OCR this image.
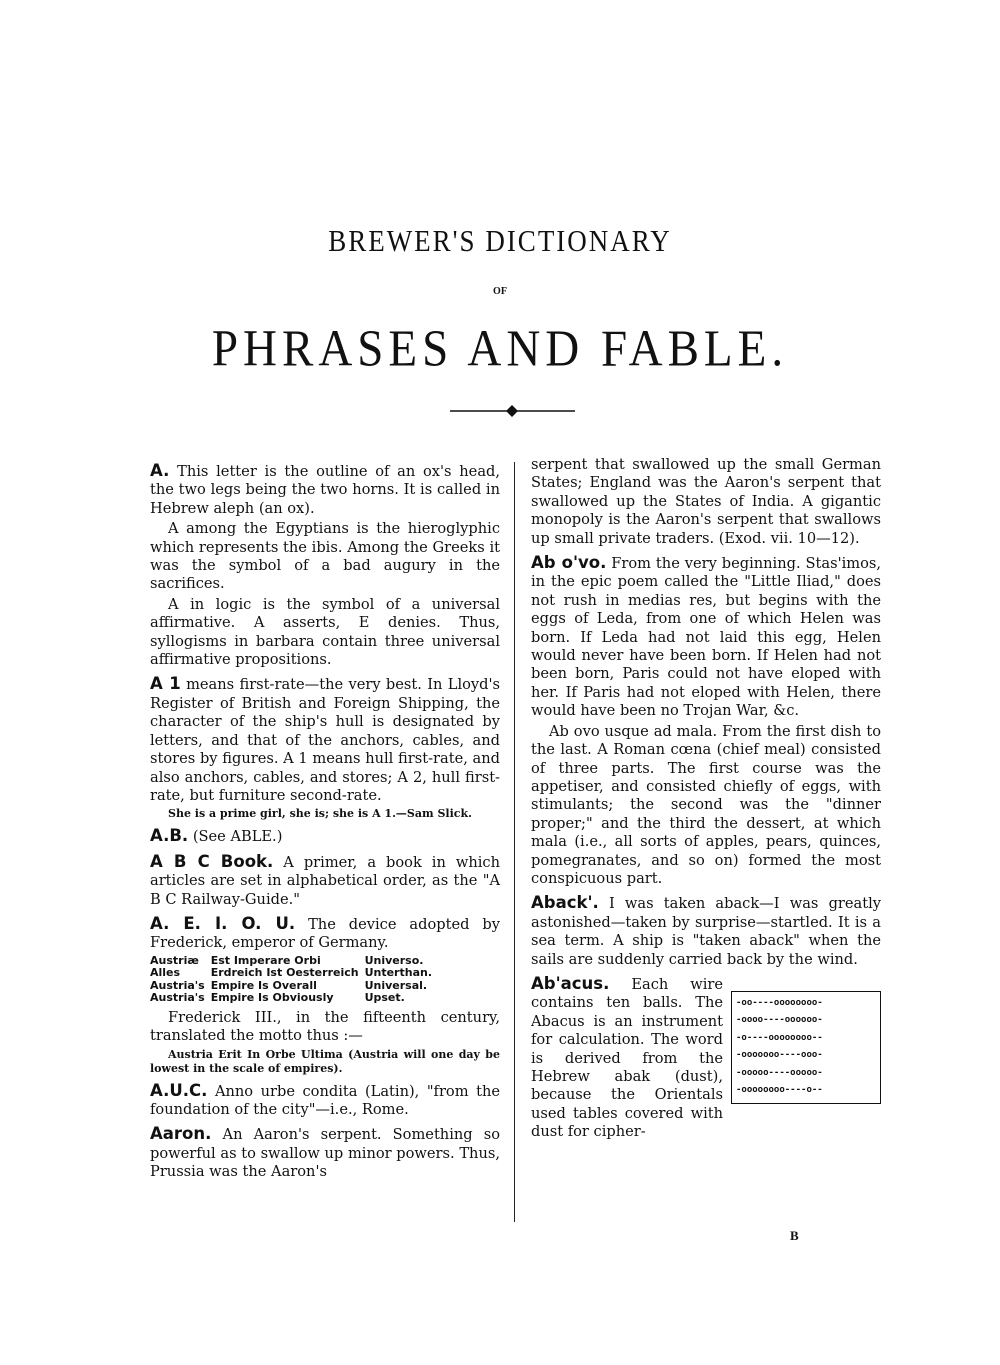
BREWER'S DICTIONARY
OF
PHRASES AND FABLE.

A. This letter is the outline of an ox's head, the two legs being the two horns. It is called in Hebrew aleph (an ox).

A among the Egyptians is the hieroglyphic which represents the ibis. Among the Greeks it was the symbol of a bad augury in the sacrifices.

A in logic is the symbol of a universal affirmative. A asserts, E denies. Thus, syllogisms in barbara contain three universal affirmative propositions.

A 1 means first-rate—the very best. In Lloyd's Register of British and Foreign Shipping, the character of the ship's hull is designated by letters, and that of the anchors, cables, and stores by figures. A 1 means hull first-rate, and also anchors, cables, and stores; A 2, hull first-rate, but furniture second-rate.

She is a prime girl, she is; she is A 1.—Sam Slick.

A.B. (See ABLE.)

A B C Book. A primer, a book in which articles are set in alphabetical order, as the "A B C Railway-Guide."

A. E. I. O. U. The device adopted by Frederick, emperor of Germany.

Austriæ	Est Imperare Orbi	Universo.
Alles	Erdreich Ist Oesterreich	Unterthan.
Austria's	Empire Is Overall	Universal.
Austria's	Empire Is Obviously	Upset.

Frederick III., in the fifteenth century, translated the motto thus :—

Austria Erit In Orbe Ultima (Austria will one day be lowest in the scale of empires).

A.U.C. Anno urbe condita (Latin), "from the foundation of the city"—i.e., Rome.

Aaron. An Aaron's serpent. Something so powerful as to swallow up minor powers. Thus, Prussia was the Aaron's

serpent that swallowed up the small German States; England was the Aaron's serpent that swallowed up the States of India. A gigantic monopoly is the Aaron's serpent that swallows up small private traders. (Exod. vii. 10—12).

Ab o'vo. From the very beginning. Stas'imos, in the epic poem called the "Little Iliad," does not rush in medias res, but begins with the eggs of Leda, from one of which Helen was born. If Leda had not laid this egg, Helen would never have been born. If Helen had not been born, Paris could not have eloped with her. If Paris had not eloped with Helen, there would have been no Trojan War, &c.

Ab ovo usque ad mala. From the first dish to the last. A Roman cœna (chief meal) consisted of three parts. The first course was the appetiser, and consisted chiefly of eggs, with stimulants; the second was the "dinner proper;" and the third the dessert, at which mala (i.e., all sorts of apples, pears, quinces, pomegranates, and so on) formed the most conspicuous part.

Aback'. I was taken aback—I was greatly astonished—taken by surprise—startled. It is a sea term. A ship is "taken aback" when the sails are suddenly carried back by the wind.

-oo----oooooooo-
-oooo----oooooo-
-o----oooooooo--
-ooooooo----ooo-
-ooooo----ooooo-
-oooooooo----o--

Ab'acus. Each wire contains ten balls. The Abacus is an instrument for calculation. The word is derived from the Hebrew abak (dust), because the Orientals used tables covered with dust for cipher-

B
